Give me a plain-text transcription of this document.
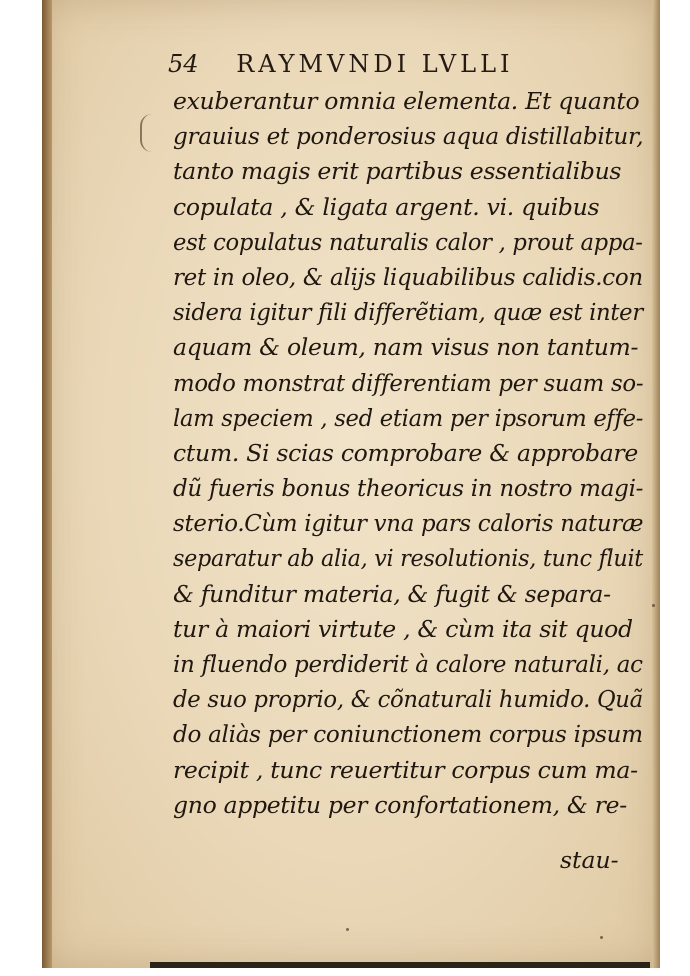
54 RAYMVNDI LVLLI
exuberantur omnia elementa. Et quanto
grauius et ponderosius aqua distillabitur,
tanto magis erit partibus essentialibus
copulata , & ligata argent. vi. quibus
est copulatus naturalis calor , prout appa-
ret in oleo, & alijs liquabilibus calidis.con
sidera igitur fili differẽtiam, quæ est inter
aquam & oleum, nam visus non tantum-
modo monstrat differentiam per suam so-
lam speciem , sed etiam per ipsorum effe-
ctum. Si scias comprobare & approbare
dũ fueris bonus theoricus in nostro magi-
sterio.Cùm igitur vna pars caloris naturæ
separatur ab alia, vi resolutionis, tunc fluit
& funditur materia, & fugit & separa-
tur à maiori virtute , & cùm ita sit quod
in fluendo perdiderit à calore naturali, ac
de suo proprio, & cõnaturali humido. Quã
do aliàs per coniunctionem corpus ipsum
recipit , tunc reuertitur corpus cum ma-
gno appetitu per confortationem, & re-
stau-
